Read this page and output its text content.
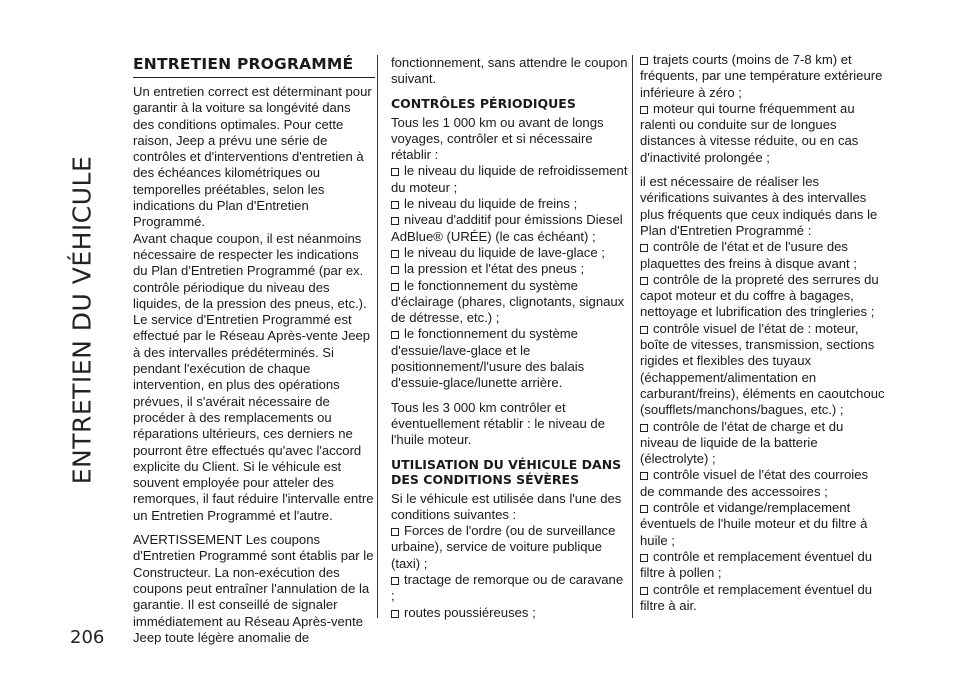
ENTRETIEN DU VÉHICULE
206
ENTRETIEN PROGRAMMÉ

Un entretien correct est déterminant pour garantir à la voiture sa longévité dans des conditions optimales. Pour cette raison, Jeep a prévu une série de contrôles et d'interventions d'entretien à des échéances kilométriques ou temporelles préétables, selon les indications du Plan d'Entretien Programmé.

Avant chaque coupon, il est néanmoins nécessaire de respecter les indications du Plan d'Entretien Programmé (par ex. contrôle périodique du niveau des liquides, de la pression des pneus, etc.). Le service d'Entretien Programmé est effectué par le Réseau Après-vente Jeep à des intervalles prédéterminés. Si pendant l'exécution de chaque intervention, en plus des opérations prévues, il s'avérait nécessaire de procéder à des remplacements ou réparations ultérieurs, ces derniers ne pourront être effectués qu'avec l'accord explicite du Client. Si le véhicule est souvent employée pour atteler des remorques, il faut réduire l'intervalle entre un Entretien Programmé et l'autre.

AVERTISSEMENT Les coupons d'Entretien Programmé sont établis par le Constructeur. La non-exécution des coupons peut entraîner l'annulation de la garantie. Il est conseillé de signaler immédiatement au Réseau Après-vente Jeep toute légère anomalie de

fonctionnement, sans attendre le coupon suivant.

CONTRÔLES PÉRIODIQUES

Tous les 1 000 km ou avant de longs voyages, contrôler et si nécessaire rétablir :

le niveau du liquide de refroidissement du moteur ;

le niveau du liquide de freins ;

niveau d'additif pour émissions Diesel AdBlue® (URÉE) (le cas échéant) ;

le niveau du liquide de lave-glace ;

la pression et l'état des pneus ;

le fonctionnement du système d'éclairage (phares, clignotants, signaux de détresse, etc.) ;

le fonctionnement du système d'essuie/lave-glace et le positionnement/l'usure des balais d'essuie-glace/lunette arrière.

Tous les 3 000 km contrôler et éventuellement rétablir : le niveau de l'huile moteur.

UTILISATION DU VÉHICULE DANS DES CONDITIONS SÉVÈRES

Si le véhicule est utilisée dans l'une des conditions suivantes :

Forces de l'ordre (ou de surveillance urbaine), service de voiture publique (taxi) ;

tractage de remorque ou de caravane ;

routes poussiéreuses ;

trajets courts (moins de 7-8 km) et fréquents, par une température extérieure inférieure à zéro ;

moteur qui tourne fréquemment au ralenti ou conduite sur de longues distances à vitesse réduite, ou en cas d'inactivité prolongée ;

il est nécessaire de réaliser les vérifications suivantes à des intervalles plus fréquents que ceux indiqués dans le Plan d'Entretien Programmé :

contrôle de l'état et de l'usure des plaquettes des freins à disque avant ;

contrôle de la propreté des serrures du capot moteur et du coffre à bagages, nettoyage et lubrification des tringleries ;

contrôle visuel de l'état de : moteur, boîte de vitesses, transmission, sections rigides et flexibles des tuyaux (échappement/alimentation en carburant/freins), éléments en caoutchouc (soufflets/manchons/bagues, etc.) ;

contrôle de l'état de charge et du niveau de liquide de la batterie (électrolyte) ;

contrôle visuel de l'état des courroies de commande des accessoires ;

contrôle et vidange/remplacement éventuels de l'huile moteur et du filtre à huile ;

contrôle et remplacement éventuel du filtre à pollen ;

contrôle et remplacement éventuel du filtre à air.
